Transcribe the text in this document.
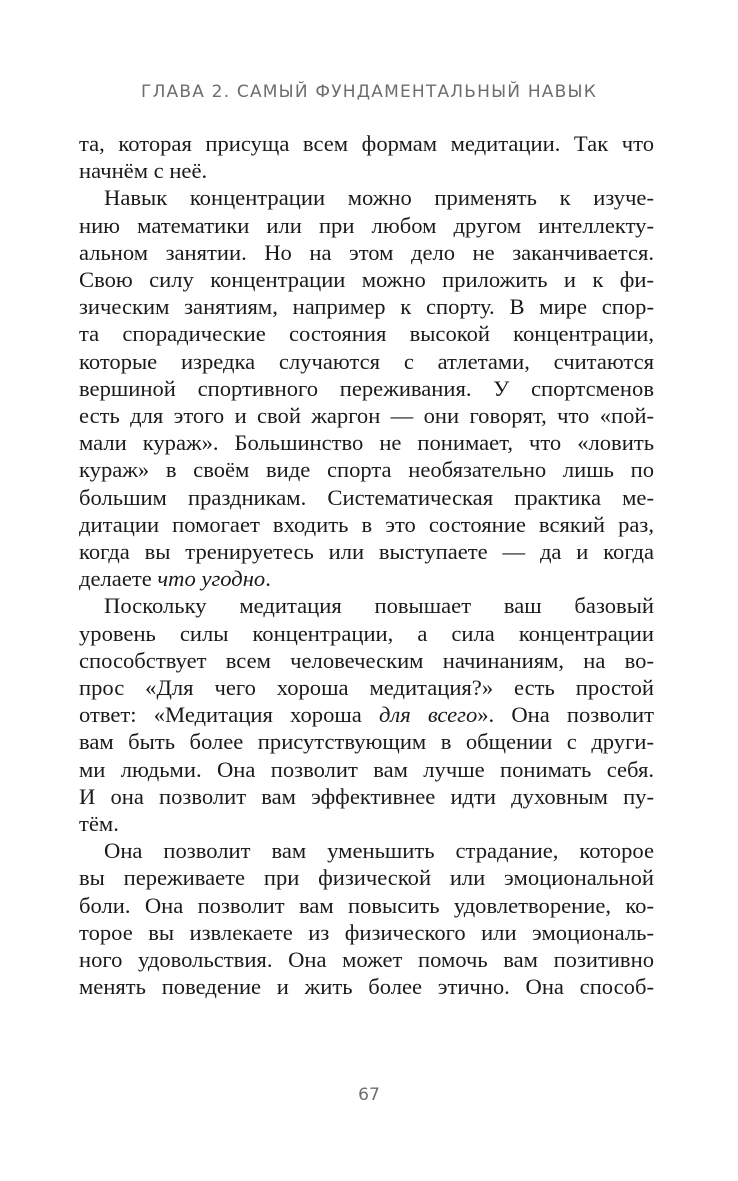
ГЛАВА 2. САМЫЙ ФУНДАМЕНТАЛЬНЫЙ НАВЫК
та, которая присуща всем формам медитации. Так что
начнём с неё.
Навык концентрации можно применять к изуче-
нию математики или при любом другом интеллекту-
альном занятии. Но на этом дело не заканчивается.
Свою силу концентрации можно приложить и к фи-
зическим занятиям, например к спорту. В мире спор-
та спорадические состояния высокой концентрации,
которые изредка случаются с атлетами, считаются
вершиной спортивного переживания. У спортсменов
есть для этого и свой жаргон — они говорят, что «пой-
мали кураж». Большинство не понимает, что «ловить
кураж» в своём виде спорта необязательно лишь по
большим праздникам. Систематическая практика ме-
дитации помогает входить в это состояние всякий раз,
когда вы тренируетесь или выступаете — да и когда
делаете что угодно.
Поскольку медитация повышает ваш базовый
уровень силы концентрации, а сила концентрации
способствует всем человеческим начинаниям, на во-
прос «Для чего хороша медитация?» есть простой
ответ: «Медитация хороша для всего». Она позволит
вам быть более присутствующим в общении с други-
ми людьми. Она позволит вам лучше понимать себя.
И она позволит вам эффективнее идти духовным пу-
тём.
Она позволит вам уменьшить страдание, которое
вы переживаете при физической или эмоциональной
боли. Она позволит вам повысить удовлетворение, ко-
торое вы извлекаете из физического или эмоциональ-
ного удовольствия. Она может помочь вам позитивно
менять поведение и жить более этично. Она способ-
67
